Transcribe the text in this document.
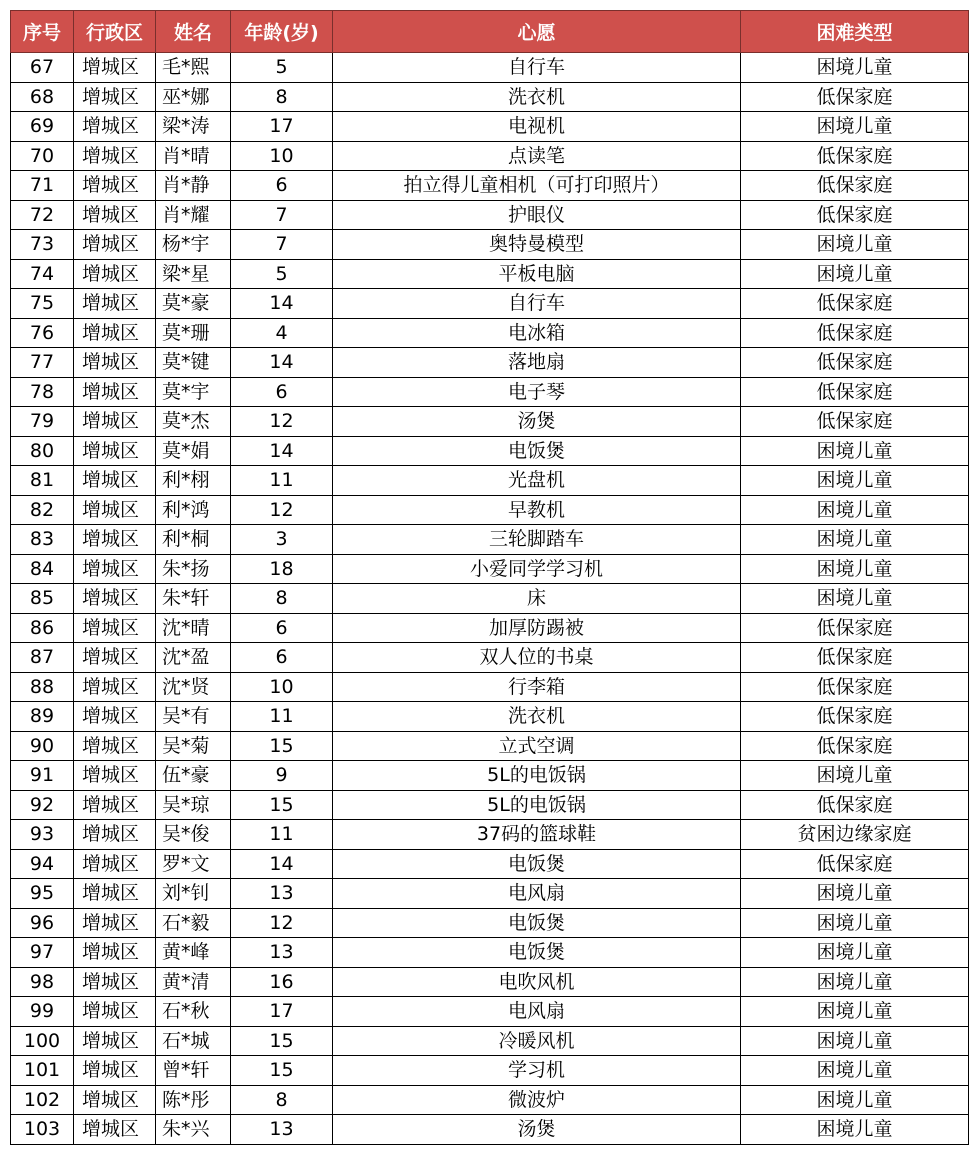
序号	行政区	姓名	年龄(岁)	心愿	困难类型
67	增城区	毛*熙	5	自行车	困境儿童
68	增城区	巫*娜	8	洗衣机	低保家庭
69	增城区	梁*涛	17	电视机	困境儿童
70	增城区	肖*晴	10	点读笔	低保家庭
71	增城区	肖*静	6	拍立得儿童相机（可打印照片）	低保家庭
72	增城区	肖*耀	7	护眼仪	低保家庭
73	增城区	杨*宇	7	奥特曼模型	困境儿童
74	增城区	梁*星	5	平板电脑	困境儿童
75	增城区	莫*豪	14	自行车	低保家庭
76	增城区	莫*珊	4	电冰箱	低保家庭
77	增城区	莫*键	14	落地扇	低保家庭
78	增城区	莫*宇	6	电子琴	低保家庭
79	增城区	莫*杰	12	汤煲	低保家庭
80	增城区	莫*娟	14	电饭煲	困境儿童
81	增城区	利*栩	11	光盘机	困境儿童
82	增城区	利*鸿	12	早教机	困境儿童
83	增城区	利*桐	3	三轮脚踏车	困境儿童
84	增城区	朱*扬	18	小爱同学学习机	困境儿童
85	增城区	朱*轩	8	床	困境儿童
86	增城区	沈*晴	6	加厚防踢被	低保家庭
87	增城区	沈*盈	6	双人位的书桌	低保家庭
88	增城区	沈*贤	10	行李箱	低保家庭
89	增城区	吴*有	11	洗衣机	低保家庭
90	增城区	吴*菊	15	立式空调	低保家庭
91	增城区	伍*豪	9	5L的电饭锅	困境儿童
92	增城区	吴*琼	15	5L的电饭锅	低保家庭
93	增城区	吴*俊	11	37码的篮球鞋	贫困边缘家庭
94	增城区	罗*文	14	电饭煲	低保家庭
95	增城区	刘*钊	13	电风扇	困境儿童
96	增城区	石*毅	12	电饭煲	困境儿童
97	增城区	黄*峰	13	电饭煲	困境儿童
98	增城区	黄*清	16	电吹风机	困境儿童
99	增城区	石*秋	17	电风扇	困境儿童
100	增城区	石*城	15	冷暖风机	困境儿童
101	增城区	曾*轩	15	学习机	困境儿童
102	增城区	陈*彤	8	微波炉	困境儿童
103	增城区	朱*兴	13	汤煲	困境儿童
